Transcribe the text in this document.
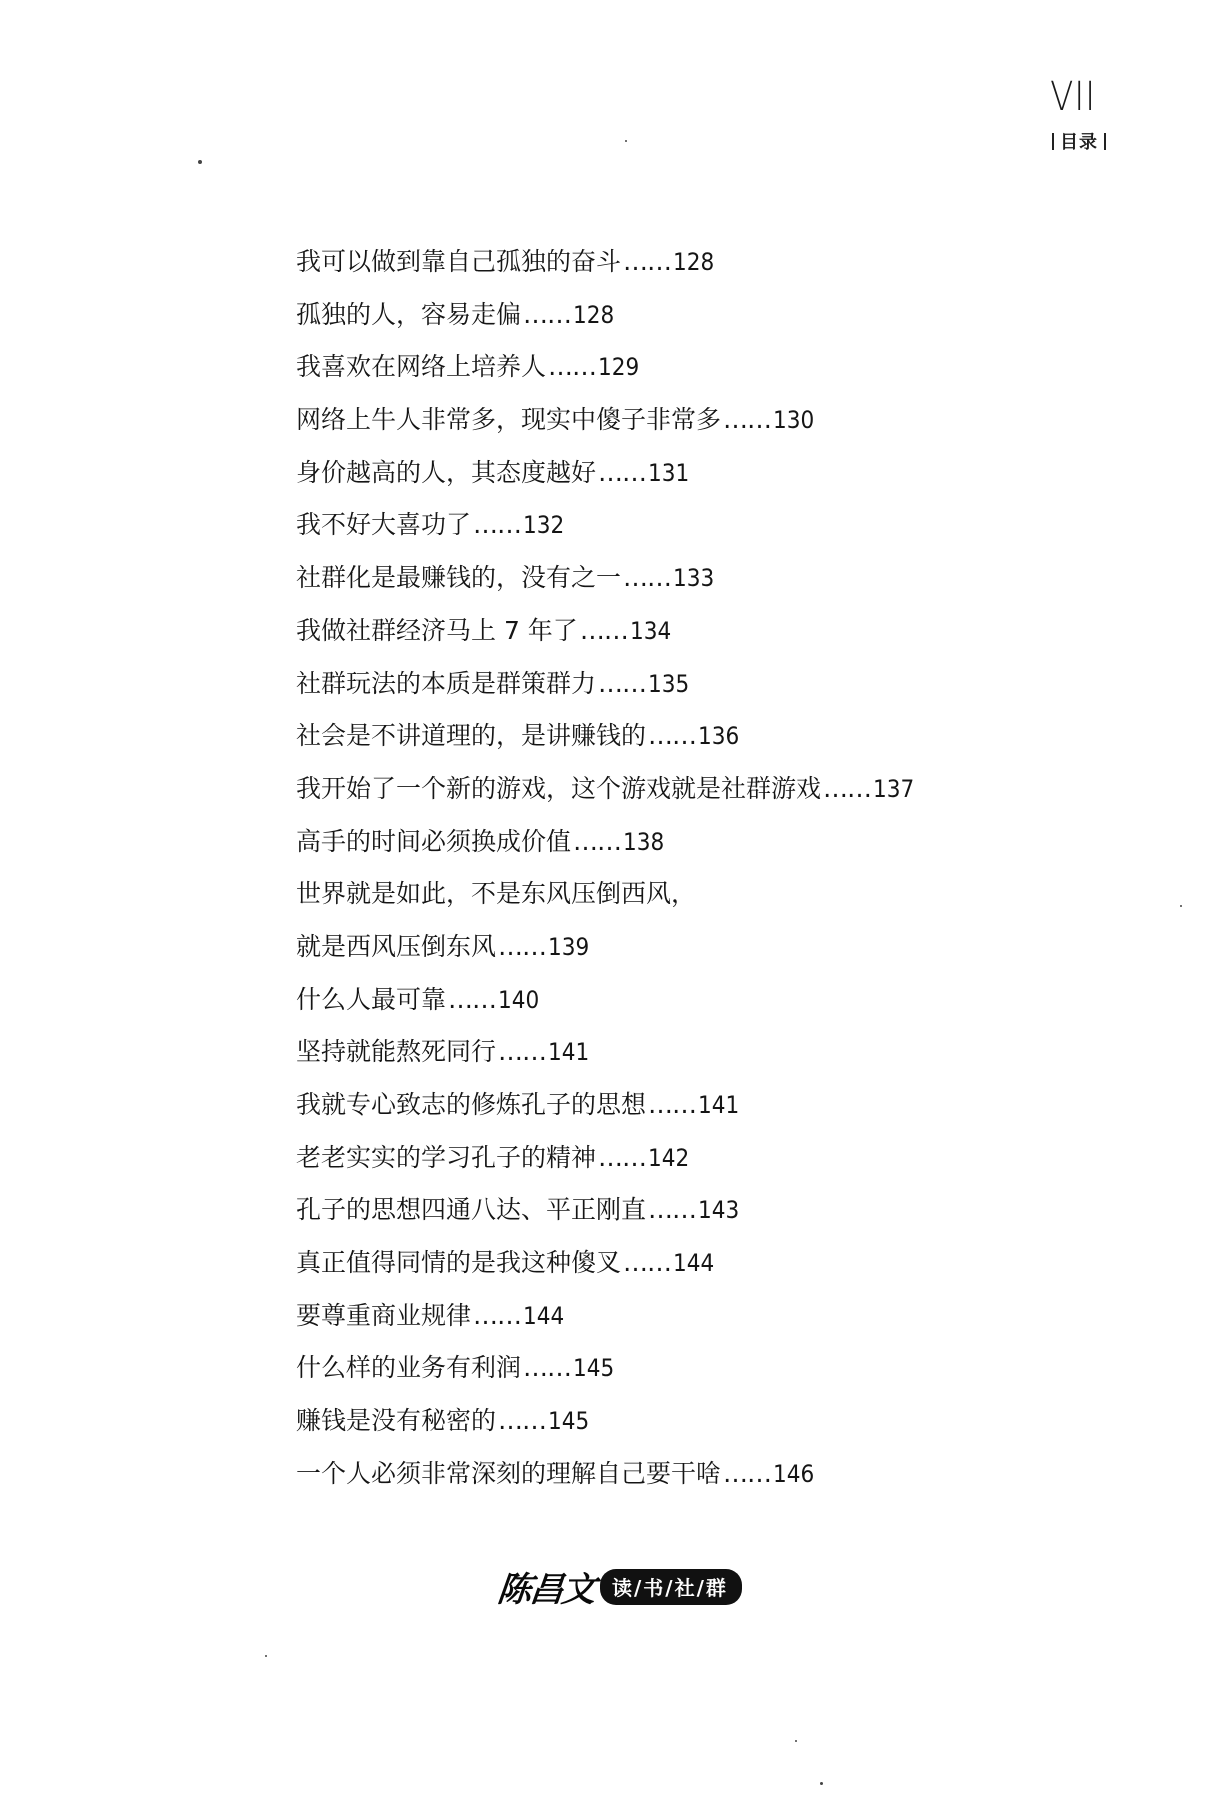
VII
目录
我可以做到靠自己孤独的奋斗……128
孤独的人，容易走偏……128
我喜欢在网络上培养人……129
网络上牛人非常多，现实中傻子非常多……130
身价越高的人，其态度越好……131
我不好大喜功了……132
社群化是最赚钱的，没有之一……133
我做社群经济马上 7 年了……134
社群玩法的本质是群策群力……135
社会是不讲道理的，是讲赚钱的……136
我开始了一个新的游戏，这个游戏就是社群游戏……137
高手的时间必须换成价值……138
世界就是如此，不是东风压倒西风，
就是西风压倒东风……139
什么人最可靠……140
坚持就能熬死同行……141
我就专心致志的修炼孔子的思想……141
老老实实的学习孔子的精神……142
孔子的思想四通八达、平正刚直……143
真正值得同情的是我这种傻叉……144
要尊重商业规律……144
什么样的业务有利润……145
赚钱是没有秘密的……145
一个人必须非常深刻的理解自己要干啥……146
陈昌文 读/书/社/群
